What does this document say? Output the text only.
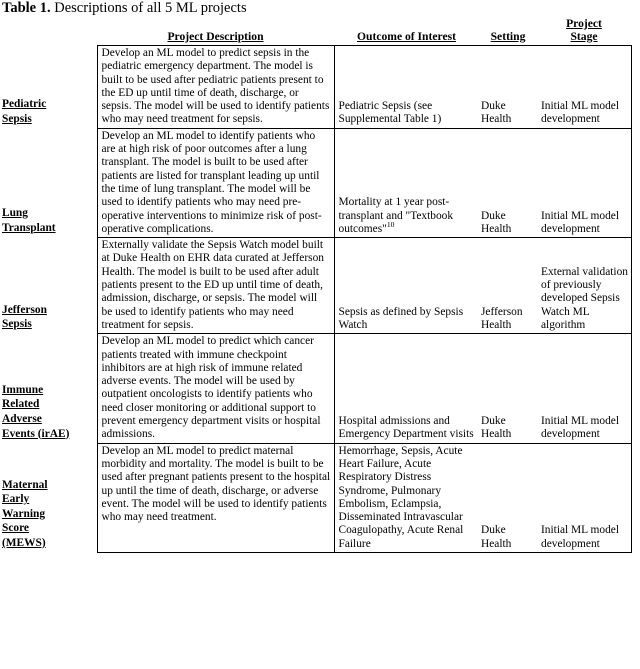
Table 1. Descriptions of all 5 ML projects
	Project Description	Outcome of Interest	Setting	Project
Stage

Pediatric
Sepsis	Develop an ML model to predict sepsis in the pediatric emergency department. The model is built to be used after pediatric patients present to the ED up until time of death, discharge, or sepsis. The model will be used to identify patients who may need treatment for sepsis.	Pediatric Sepsis (see Supplemental Table 1)	Duke Health	Initial ML model development

Lung
Transplant	Develop an ML model to identify patients who are at high risk of poor outcomes after a lung transplant. The model is built to be used after patients are listed for transplant leading up until the time of lung transplant. The model will be used to identify patients who may need pre-operative interventions to minimize risk of post-operative complications.	Mortality at 1 year post-transplant and "Textbook outcomes"$^{10}$	Duke Health	Initial ML model development

Jefferson
Sepsis	Externally validate the Sepsis Watch model built at Duke Health on EHR data curated at Jefferson Health. The model is built to be used after adult patients present to the ED up until time of death, admission, discharge, or sepsis. The model will be used to identify patients who may need treatment for sepsis.	Sepsis as defined by Sepsis Watch	Jefferson Health	External validation of previously developed Sepsis Watch ML algorithm

Immune
Related
Adverse
Events (irAE)
	Develop an ML model to predict which cancer patients treated with immune checkpoint inhibitors are at high risk of immune related adverse events. The model will be used by outpatient oncologists to identify patients who need closer monitoring or additional support to prevent emergency department visits or hospital admissions.	Hospital admissions and Emergency Department visits	Duke Health	Initial ML model development

Maternal
Early
Warning
Score
(MEWS)
	Develop an ML model to predict maternal morbidity and mortality. The model is built to be used after pregnant patients present to the hospital up until the time of death, discharge, or adverse event. The model will be used to identify patients who may need treatment.	Hemorrhage, Sepsis, Acute Heart Failure, Acute Respiratory Distress Syndrome, Pulmonary Embolism, Eclampsia, Disseminated Intravascular Coagulopathy, Acute Renal Failure	Duke Health	Initial ML model development
